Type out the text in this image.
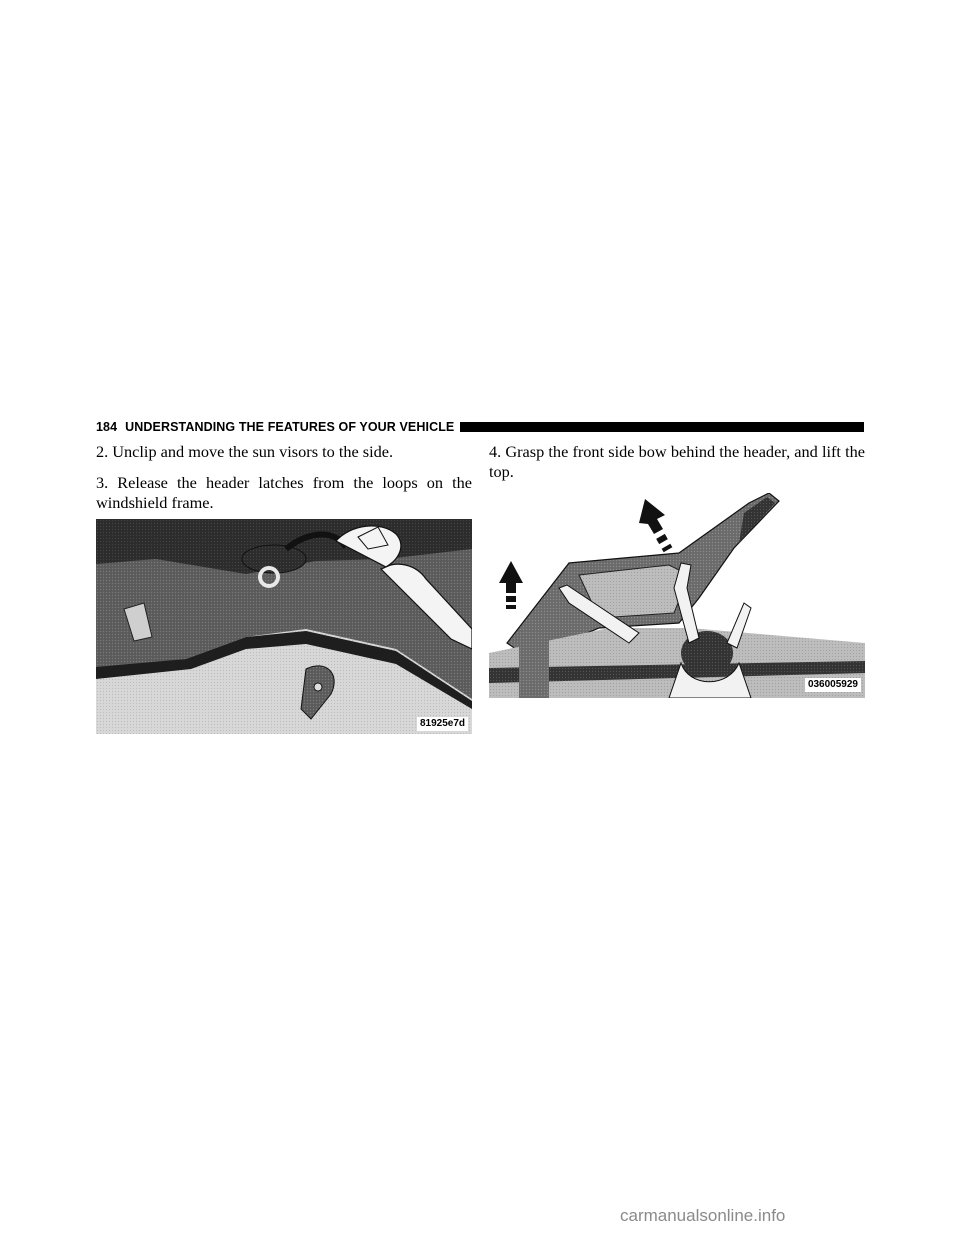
184 UNDERSTANDING THE FEATURES OF YOUR VEHICLE

2. Unclip and move the sun visors to the side.

3. Release the header latches from the loops on the windshield frame.

81925e7d

4. Grasp the front side bow behind the header, and lift the top.

036005929
carmanualsonline.info
